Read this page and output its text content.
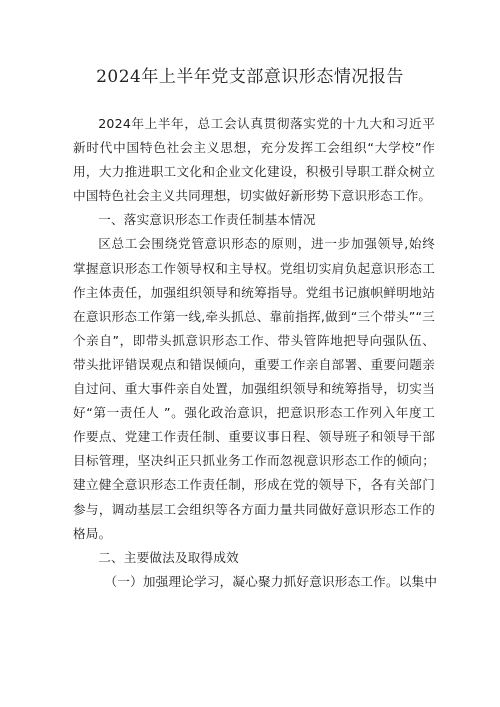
2024年上半年党支部意识形态情况报告

2024年上半年，总工会认真贯彻落实党的十九大和习近平新时代中国特色社会主义思想，充分发挥工会组织“大学校”作用，大力推进职工文化和企业文化建设，积极引导职工群众树立中国特色社会主义共同理想，切实做好新形势下意识形态工作。

一、落实意识形态工作责任制基本情况

区总工会围绕党管意识形态的原则，进一步加强领导,始终掌握意识形态工作领导权和主导权。党组切实肩负起意识形态工作主体责任，加强组织领导和统筹指导。党组书记旗帜鲜明地站在意识形态工作第一线,牵头抓总、靠前指挥,做到“三个带头”“三个亲自”，即带头抓意识形态工作、带头管阵地把导向强队伍、带头批评错误观点和错误倾向，重要工作亲自部署、重要问题亲自过问、重大事件亲自处置，加强组织领导和统筹指导，切实当好“第一责任人 ”。强化政治意识，把意识形态工作列入年度工作要点、党建工作责任制、重要议事日程、领导班子和领导干部目标管理，坚决纠正只抓业务工作而忽视意识形态工作的倾向；建立健全意识形态工作责任制，形成在党的领导下，各有关部门参与，调动基层工会组织等各方面力量共同做好意识形态工作的格局。

二、主要做法及取得成效

（一）加强理论学习，凝心聚力抓好意识形态工作。以集中
